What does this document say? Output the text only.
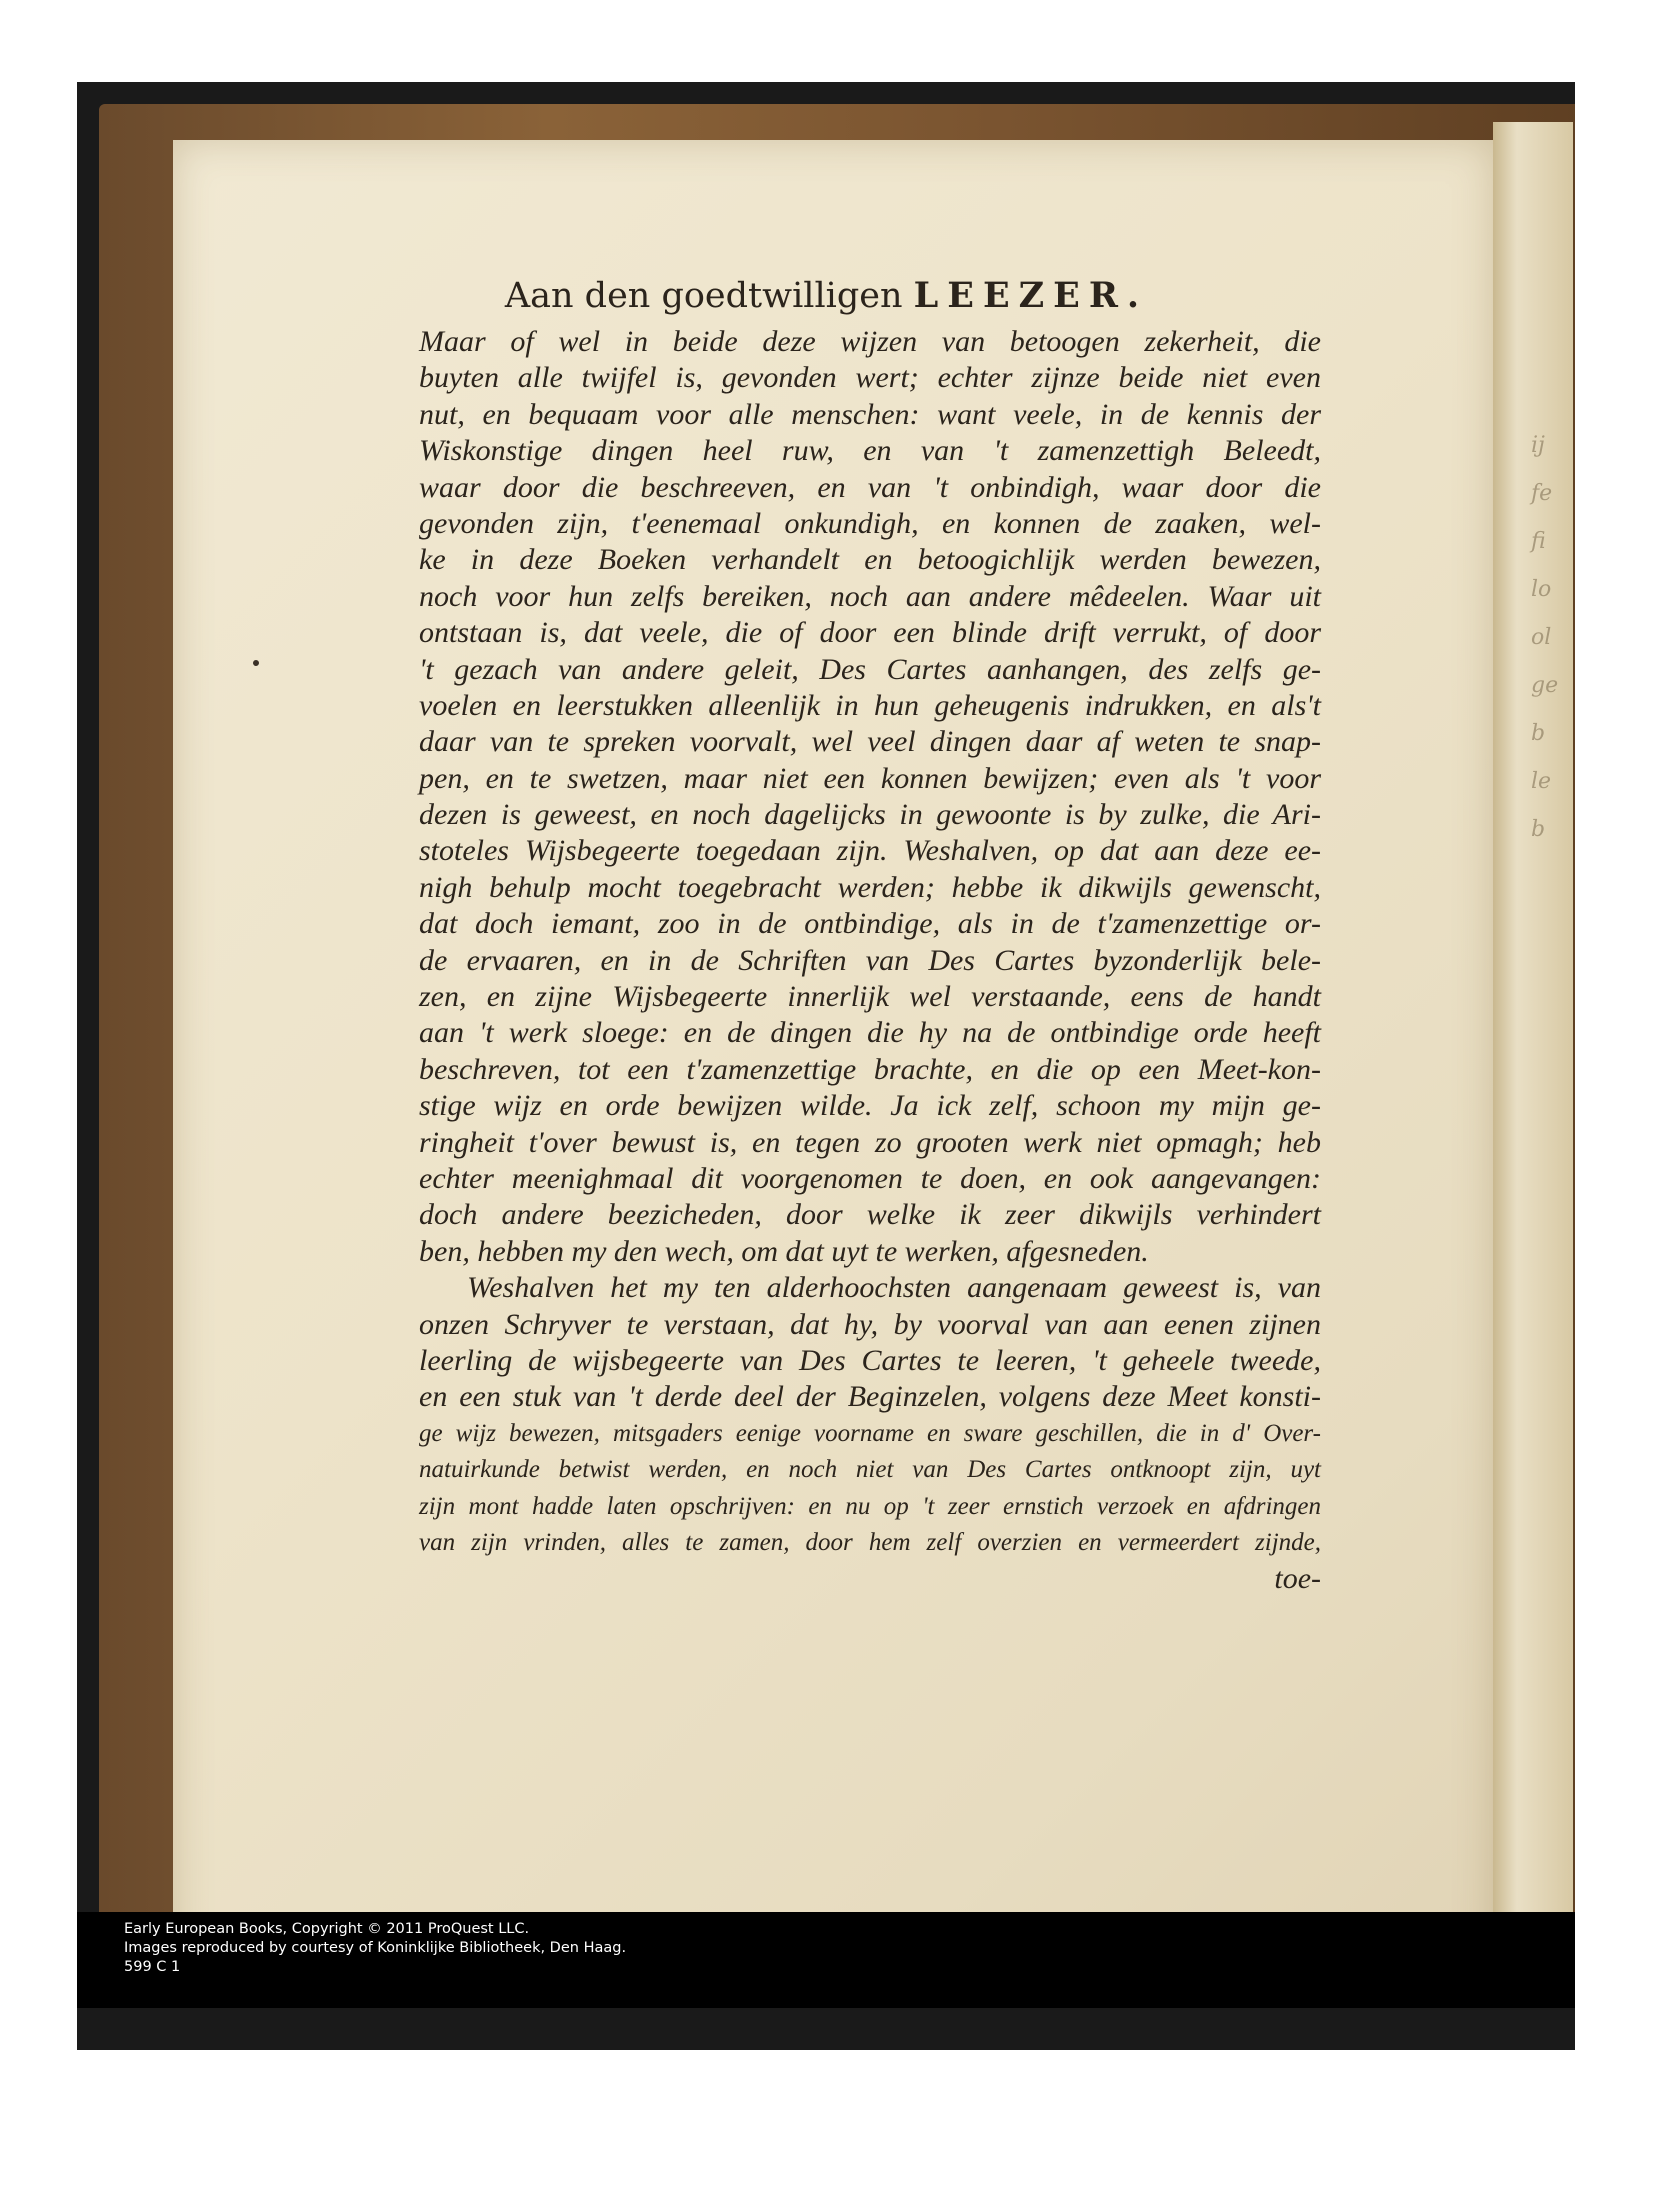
ij
fe
fi
lo
ol
ge
b
le
b
Aan den goedtwilligen LEEZER.
Maar of wel in beide deze wijzen van betoogen zekerheit, die
buyten alle twijfel is, gevonden wert; echter zijnze beide niet even
nut, en bequaam voor alle menschen: want veele, in de kennis der
Wiskonstige dingen heel ruw, en van 't zamenzettigh Beleedt,
waar door die beschreeven, en van 't onbindigh, waar door die
gevonden zijn, t'eenemaal onkundigh, en konnen de zaaken, wel-
ke in deze Boeken verhandelt en betoogichlijk werden bewezen,
noch voor hun zelfs bereiken, noch aan andere mêdeelen. Waar uit
ontstaan is, dat veele, die of door een blinde drift verrukt, of door
't gezach van andere geleit, Des Cartes aanhangen, des zelfs ge-
voelen en leerstukken alleenlijk in hun geheugenis indrukken, en als't
daar van te spreken voorvalt, wel veel dingen daar af weten te snap-
pen, en te swetzen, maar niet een konnen bewijzen; even als 't voor
dezen is geweest, en noch dagelijcks in gewoonte is by zulke, die Ari-
stoteles Wijsbegeerte toegedaan zijn. Weshalven, op dat aan deze ee-
nigh behulp mocht toegebracht werden; hebbe ik dikwijls gewenscht,
dat doch iemant, zoo in de ontbindige, als in de t'zamenzettige or-
de ervaaren, en in de Schriften van Des Cartes byzonderlijk bele-
zen, en zijne Wijsbegeerte innerlijk wel verstaande, eens de handt
aan 't werk sloege: en de dingen die hy na de ontbindige orde heeft
beschreven, tot een t'zamenzettige brachte, en die op een Meet-kon-
stige wijz en orde bewijzen wilde. Ja ick zelf, schoon my mijn ge-
ringheit t'over bewust is, en tegen zo grooten werk niet opmagh; heb
echter meenighmaal dit voorgenomen te doen, en ook aangevangen:
doch andere beezicheden, door welke ik zeer dikwijls verhindert
ben, hebben my den wech, om dat uyt te werken, afgesneden.
Weshalven het my ten alderhoochsten aangenaam geweest is, van
onzen Schryver te verstaan, dat hy, by voorval van aan eenen zijnen
leerling de wijsbegeerte van Des Cartes te leeren, 't geheele tweede,
en een stuk van 't derde deel der Beginzelen, volgens deze Meet konsti-
ge wijz bewezen, mitsgaders eenige voorname en sware geschillen, die in d' Over-
natuirkunde betwist werden, en noch niet van Des Cartes ontknoopt zijn, uyt
zijn mont hadde laten opschrijven: en nu op 't zeer ernstich verzoek en afdringen
van zijn vrinden, alles te zamen, door hem zelf overzien en vermeerdert zijnde,
toe-
Early European Books, Copyright © 2011 ProQuest LLC.
Images reproduced by courtesy of Koninklijke Bibliotheek, Den Haag.
599 C 1
